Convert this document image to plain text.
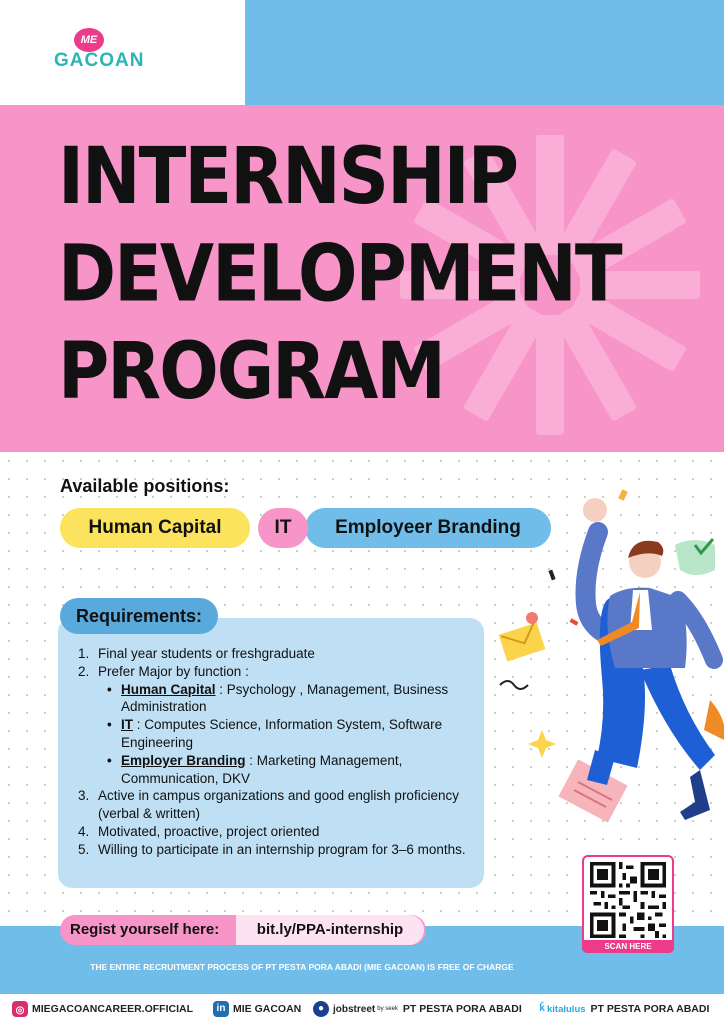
ME
GACOAN
INTERNSHIP
DEVELOPMENT
PROGRAM
Available positions:
Human Capital	Employeer Branding
IT
Requirements:
1. Final year students or freshgraduate
2. Prefer Major by function :
• Human Capital : Psychology , Management, Business Administration
• IT : Computes Science, Information System, Software Engineering
• Employer Branding : Marketing Management, Communication, DKV
3. Active in campus organizations and good english proficiency (verbal & written)
4. Motivated, proactive, project oriented
5. Willing to participate in an internship program for 3–6 months.
SCAN HERE
Regist yourself here:	bit.ly/PPA-internship
THE ENTIRE RECRUITMENT PROCESS OF PT PESTA PORA ABADI (MIE GACOAN) IS FREE OF CHARGE
◎ MIEGACOANCAREER.OFFICIAL	in MIE GACOAN	● jobstreet by seek PT PESTA PORA ABADI ǩ kitalulus PT PESTA PORA ABADI
